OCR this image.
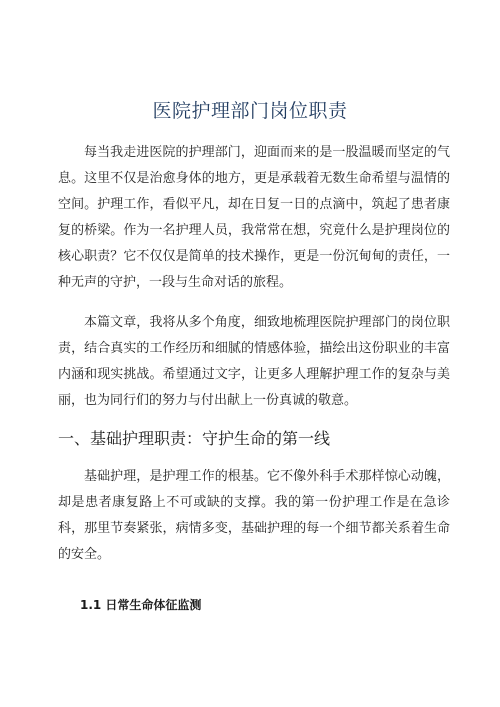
医院护理部门岗位职责

每当我走进医院的护理部门，迎面而来的是一股温暖而坚定的气息。这里不仅是治愈身体的地方，更是承载着无数生命希望与温情的空间。护理工作，看似平凡，却在日复一日的点滴中，筑起了患者康复的桥梁。作为一名护理人员，我常常在想，究竟什么是护理岗位的核心职责？它不仅仅是简单的技术操作，更是一份沉甸甸的责任，一种无声的守护，一段与生命对话的旅程。

本篇文章，我将从多个角度，细致地梳理医院护理部门的岗位职责，结合真实的工作经历和细腻的情感体验，描绘出这份职业的丰富内涵和现实挑战。希望通过文字，让更多人理解护理工作的复杂与美丽，也为同行们的努力与付出献上一份真诚的敬意。

一、基础护理职责：守护生命的第一线

基础护理，是护理工作的根基。它不像外科手术那样惊心动魄，却是患者康复路上不可或缺的支撑。我的第一份护理工作是在急诊科，那里节奏紧张，病情多变，基础护理的每一个细节都关系着生命的安全。

1.1 日常生命体征监测
